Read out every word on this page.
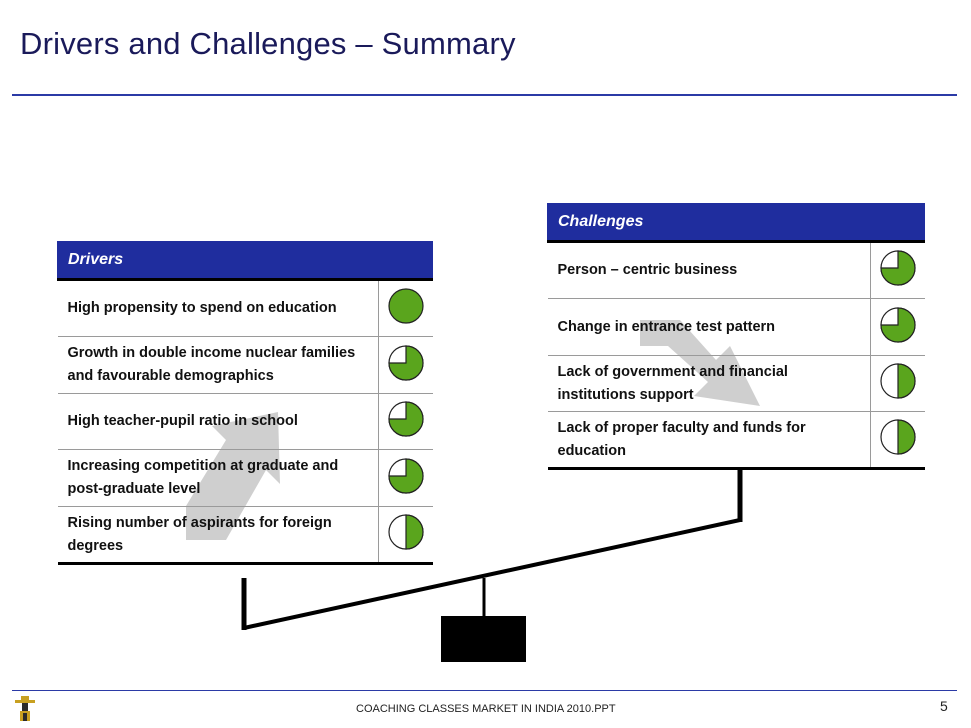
Drivers and Challenges – Summary
Drivers	
High propensity to spend on education	
Growth in double income nuclear families and favourable demographics	
High teacher-pupil ratio in school	
Increasing competition at graduate and post-graduate level	
Rising number of aspirants for foreign degrees	
Challenges	
Person – centric business	
Change in entrance test pattern	
Lack of government and financial institutions support	
Lack of proper faculty and funds for education	
COACHING CLASSES MARKET IN INDIA 2010.PPT	5
